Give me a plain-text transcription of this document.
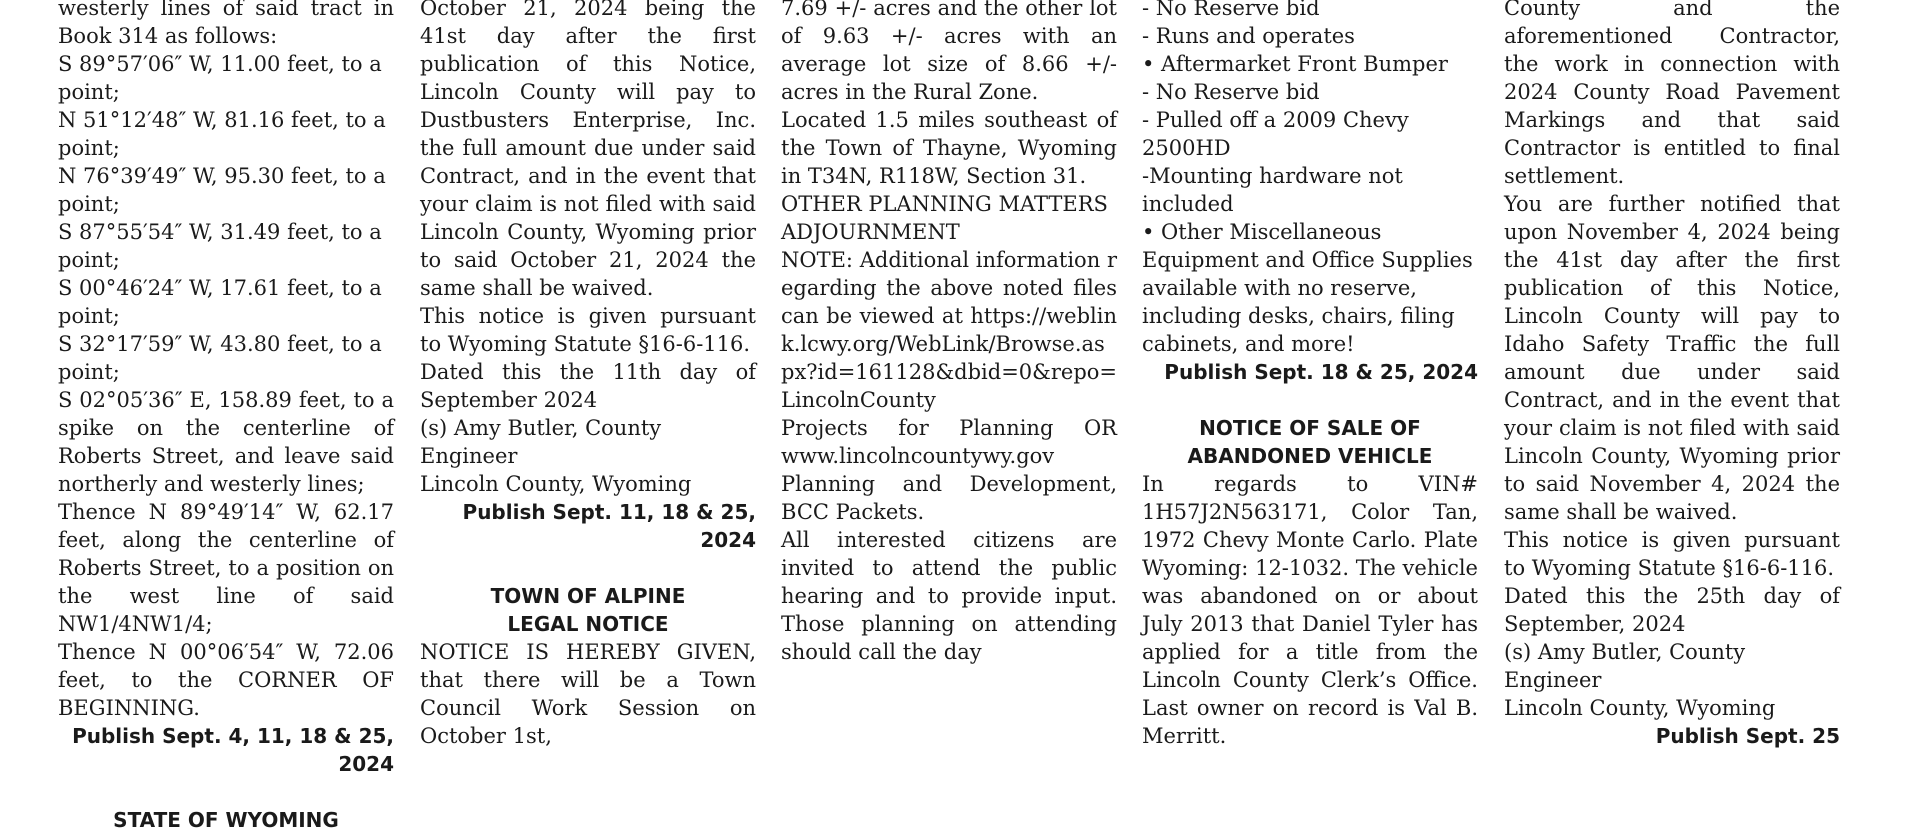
westerly lines of said tract in Book 314 as follows:

S 89°57′06″ W, 11.00 feet, to a point;

N 51°12′48″ W, 81.16 feet, to a point;

N 76°39′49″ W, 95.30 feet, to a point;

S 87°55′54″ W, 31.49 feet, to a point;

S 00°46′24″ W, 17.61 feet, to a point;

S 32°17′59″ W, 43.80 feet, to a point;

S 02°05′36″ E, 158.89 feet, to a spike on the centerline of Roberts Street, and leave said northerly and westerly lines;

Thence N 89°49′14″ W, 62.17 feet, along the centerline of Roberts Street, to a position on the west line of said NW1/4NW1/4;

Thence N 00°06′54″ W, 72.06 feet, to the CORNER OF BEGINNING.

Publish Sept. 4, 11, 18 & 25, 2024

STATE OF WYOMING

October 21, 2024 being the 41st day after the first publication of this Notice, Lincoln County will pay to Dustbusters Enterprise, Inc. the full amount due under said Contract, and in the event that your claim is not filed with said Lincoln County, Wyoming prior to said October 21, 2024 the same shall be waived.

This notice is given pursuant to Wyoming Statute §16-6-116.

Dated this the 11th day of September 2024

(s) Amy Butler, County Engineer

Lincoln County, Wyoming

Publish Sept. 11, 18 & 25, 2024

TOWN OF ALPINE

LEGAL NOTICE

NOTICE IS HEREBY GIVEN, that there will be a Town Council Work Session on October 1st,

7.69 +/- acres and the other lot of 9.63 +/- acres with an average lot size of 8.66 +/- acres in the Rural Zone.

Located 1.5 miles southeast of the Town of Thayne, Wyoming in T34N, R118W, Section 31.

OTHER PLANNING MATTERS

ADJOURNMENT

NOTE: Additional information regarding the above noted files can be viewed at https://weblink.lcwy.org/WebLink/Browse.aspx?id=161128&dbid=0&repo=LincolnCounty

Projects for Planning OR www.lincolncountywy.gov Planning and Development, BCC Packets.

All interested citizens are invited to attend the public hearing and to provide input. Those planning on attending should call the day

- No Reserve bid

- Runs and operates

• Aftermarket Front Bumper

- No Reserve bid

- Pulled off a 2009 Chevy 2500HD

-Mounting hardware not included

• Other Miscellaneous Equipment and Office Supplies available with no reserve, including desks, chairs, filing cabinets, and more!

Publish Sept. 18 & 25, 2024

NOTICE OF SALE OF

ABANDONED VEHICLE

In regards to VIN# 1H57J2N563171, Color Tan, 1972 Chevy Monte Carlo. Plate Wyoming: 12-1032. The vehicle was abandoned on or about July 2013 that Daniel Tyler has applied for a title from the Lincoln County Clerk’s Office. Last owner on record is Val B. Merritt.

County and the aforementioned Contractor, the work in connection with 2024 County Road Pavement Markings and that said Contractor is entitled to final settlement.

You are further notified that upon November 4, 2024 being the 41st day after the first publication of this Notice, Lincoln County will pay to Idaho Safety Traffic the full amount due under said Contract, and in the event that your claim is not filed with said Lincoln County, Wyoming prior to said November 4, 2024 the same shall be waived.

This notice is given pursuant to Wyoming Statute §16-6-116.

Dated this the 25th day of September, 2024

(s) Amy Butler, County Engineer

Lincoln County, Wyoming

Publish Sept. 25
